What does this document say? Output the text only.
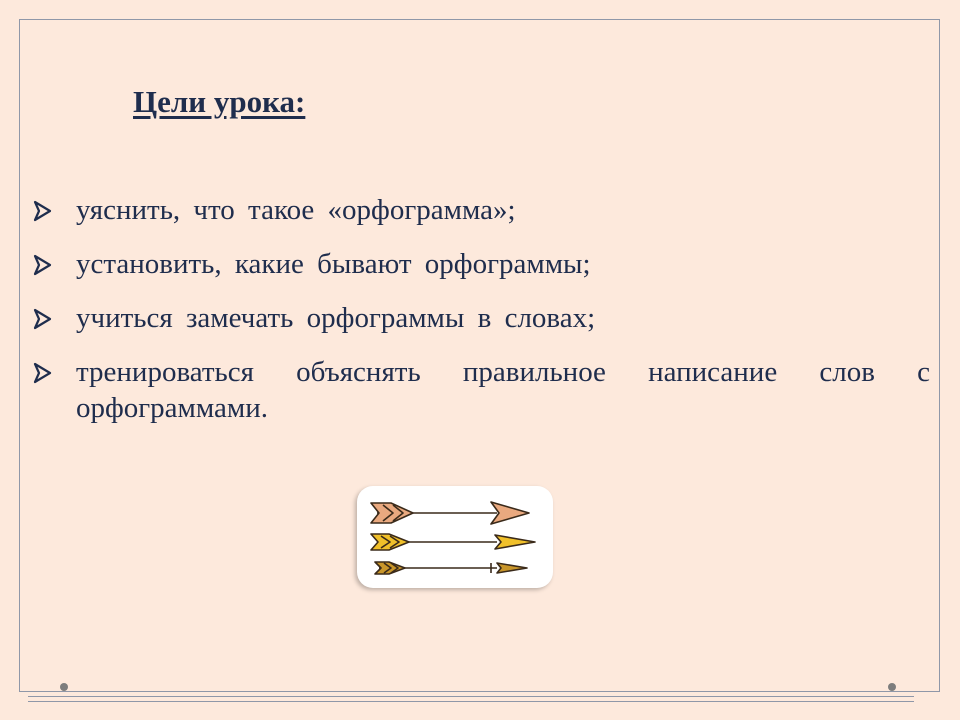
Цели урока:
уяснить, что такое «орфограмма»;
установить, какие бывают орфограммы;
учиться замечать орфограммы в словах;
тренироваться объяснять правильное написание слов с орфограммами.
